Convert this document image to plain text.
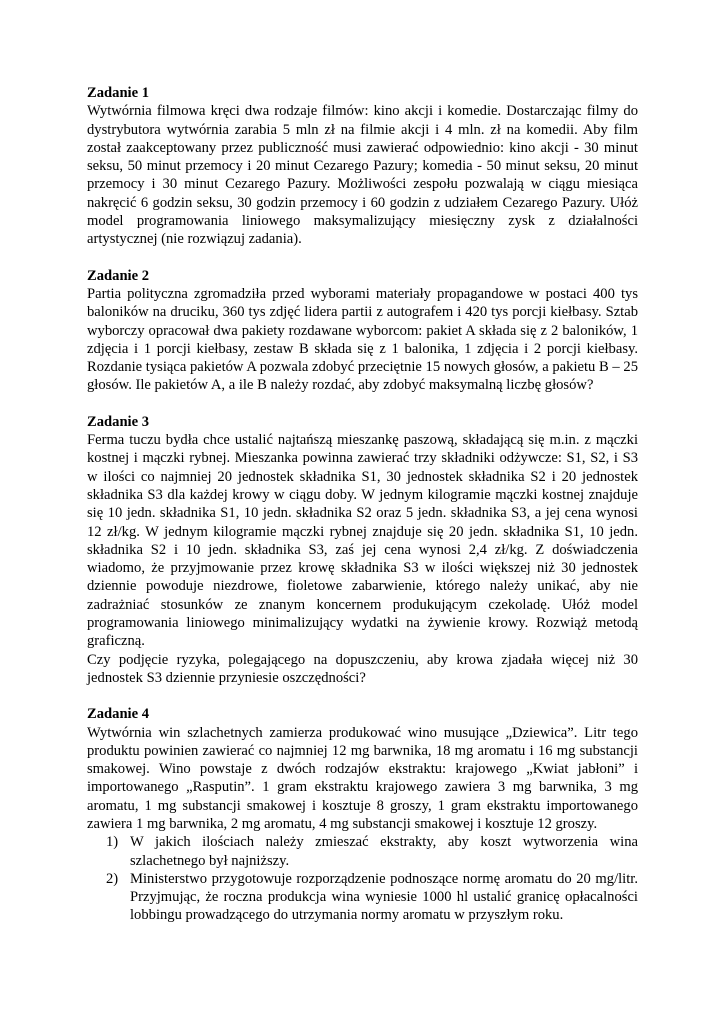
Zadanie 1

Wytwórnia filmowa kręci dwa rodzaje filmów: kino akcji i komedie. Dostarczając filmy do dystrybutora wytwórnia zarabia 5 mln zł na filmie akcji i 4 mln. zł na komedii. Aby film został zaakceptowany przez publiczność musi zawierać odpowiednio: kino akcji - 30 minut seksu, 50 minut przemocy i 20 minut Cezarego Pazury; komedia - 50 minut seksu, 20 minut przemocy i 30 minut Cezarego Pazury. Możliwości zespołu pozwalają w ciągu miesiąca nakręcić 6 godzin seksu, 30 godzin przemocy i 60 godzin z udziałem Cezarego Pazury. Ułóż model programowania liniowego maksymalizujący miesięczny zysk z działalności artystycznej (nie rozwiązuj zadania).

Zadanie 2

Partia polityczna zgromadziła przed wyborami materiały propagandowe w postaci 400 tys baloników na druciku, 360 tys zdjęć lidera partii z autografem i 420 tys porcji kiełbasy. Sztab wyborczy opracował dwa pakiety rozdawane wyborcom: pakiet A składa się z 2 baloników, 1 zdjęcia i 1 porcji kiełbasy, zestaw B składa się z 1 balonika, 1 zdjęcia i 2 porcji kiełbasy. Rozdanie tysiąca pakietów A pozwala zdobyć przeciętnie 15 nowych głosów, a pakietu B – 25 głosów. Ile pakietów A, a ile B należy rozdać, aby zdobyć maksymalną liczbę głosów?

Zadanie 3

Ferma tuczu bydła chce ustalić najtańszą mieszankę paszową, składającą się m.in. z mączki kostnej i mączki rybnej. Mieszanka powinna zawierać trzy składniki odżywcze: S1, S2, i S3 w ilości co najmniej 20 jednostek składnika S1, 30 jednostek składnika S2 i 20 jednostek składnika S3 dla każdej krowy w ciągu doby. W jednym kilogramie mączki kostnej znajduje się 10 jedn. składnika S1, 10 jedn. składnika S2 oraz 5 jedn. składnika S3, a jej cena wynosi 12 zł/kg. W jednym kilogramie mączki rybnej znajduje się 20 jedn. składnika S1, 10 jedn. składnika S2 i 10 jedn. składnika S3, zaś jej cena wynosi 2,4 zł/kg. Z doświadczenia wiadomo, że przyjmowanie przez krowę składnika S3 w ilości większej niż 30 jednostek dziennie powoduje niezdrowe, fioletowe zabarwienie, którego należy unikać, aby nie zadrażniać stosunków ze znanym koncernem produkującym czekoladę. Ułóż model programowania liniowego minimalizujący wydatki na żywienie krowy. Rozwiąż metodą graficzną.

Czy podjęcie ryzyka, polegającego na dopuszczeniu, aby krowa zjadała więcej niż 30 jednostek S3 dziennie przyniesie oszczędności?

Zadanie 4

Wytwórnia win szlachetnych zamierza produkować wino musujące „Dziewica”. Litr tego produktu powinien zawierać co najmniej 12 mg barwnika, 18 mg aromatu i 16 mg substancji smakowej. Wino powstaje z dwóch rodzajów ekstraktu: krajowego „Kwiat jabłoni” i importowanego „Rasputin”. 1 gram ekstraktu krajowego zawiera 3 mg barwnika, 3 mg aromatu, 1 mg substancji smakowej i kosztuje 8 groszy, 1 gram ekstraktu importowanego zawiera 1 mg barwnika, 2 mg aromatu, 4 mg substancji smakowej i kosztuje 12 groszy.

1) W jakich ilościach należy zmieszać ekstrakty, aby koszt wytworzenia wina szlachetnego był najniższy.
2) Ministerstwo przygotowuje rozporządzenie podnoszące normę aromatu do 20 mg/litr. Przyjmując, że roczna produkcja wina wyniesie 1000 hl ustalić granicę opłacalności lobbingu prowadzącego do utrzymania normy aromatu w przyszłym roku.
